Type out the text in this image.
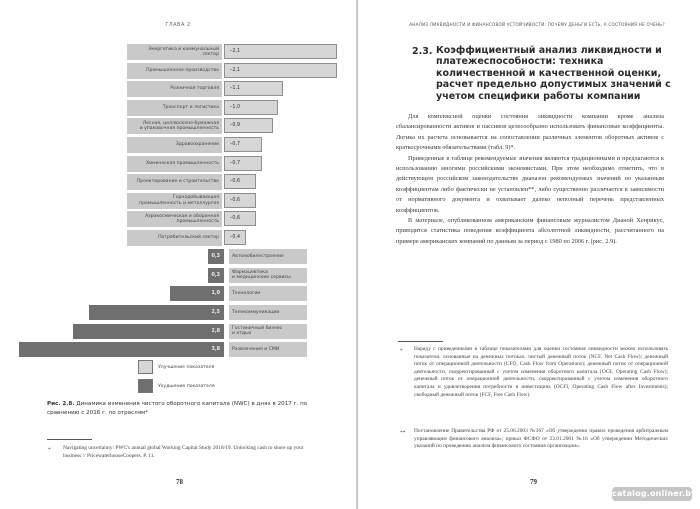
ГЛАВА 2	АНАЛИЗ ЛИКВИДНОСТИ И ФИНАНСОВОЙ УСТОЙЧИВОСТИ: ПОЧЕМУ ДЕНЬГИ ЕСТЬ, А СОСТОЯНИЯ НЕ ОЧЕНЬ?
Энергетика и коммунальный
сектор
–2,1
Промышленное производство –2,1
Розничная торговля –1,1
Транспорт и логистика –1,0
Лесная, целлюлозно-бумажная
и упаковочная промышленность
–0,9
Здравоохранение –0,7
Химическая промышленность –0,7
Проектирование и строительство –0,6
Горнодобывающая
промышленность и металлургия
–0,6
Аэрокосмическая и оборонная
промышленность
–0,6
Потребительский сектор –0,4
0,3	Автомобилестроение
0,3
Фармацевтика
и медицинские сервисы
1,0	Технологии
2,5	Телекоммуникации
2,8
Гостиничный бизнес
и отдых
3,8	Развлечения и СМИ
Улучшение показателя
Ухудшение показателя
Рис. 2.8. Динамика изменения чистого оборотного капитала (NWC) в днях в 2017 г. по сравнению с 2016 г. по отраслям*
* Navigating uncertainty: PWC's annual global Working Capital Study 2018/19. Unlocking cash to shore up your business // PricewaterhouseCoopers. P. 11.
78
2.3. Коэффициентный анализ ликвидности и платежеспособности: техника количественной и качественной оценки, расчет предельно допустимых значений с учетом специфики работы компании

Для комплексной оценки состояния ликвидности компании кроме анализа сбалансированности активов и пассивов целесообразно использовать финансовые коэффициенты. Логика их расчета основывается на сопоставлении различных элементов оборотных активов с краткосрочными обязательствами (табл. 9)*.

Приведенные в таблице рекомендуемые значения являются традиционными и предлагаются к использованию многими российскими экономистами. При этом необходимо отметить, что в действующем российском законодательстве диапазон рекомендуемых значений по указанным коэффициентам либо фактически не установлен**, либо существенно различается в зависимости от нормативного документа и охватывает далеко неполный перечень представленных коэффициентов.

В материале, опубликованном американским финансовым журналистом Дианой Хенрикус, приводится статистика поведения коэффициента абсолютной ликвидности, рассчитанного на примере американских компаний по данным за период с 1980 по 2006 г. (рис. 2.9).

* Наряду с приведенными в таблице показателями для оценки состояния ликвидности можно использовать показатели, основанные на денежных потоках: чистый денежный поток (NCF, Net Cash Flow); денежный поток от операционной деятельности (CFO, Cash Flow from Operations); денежный поток от операционной деятельности, скорректированный с учетом изменения оборотного капитала (OCF, Operating Cash Flow); денежный поток от операционной деятельности, скорректированный с учетом изменения оборотного капитала и удовлетворения потребности в инвестициях (OCFI, Operating Cash Flow after Investments); свободный денежный поток (FCF, Free Cash Flow).
** Постановление Правительства РФ от 25.06.2003 №367 «Об утверждении правил проведения арбитражным управляющим финансового анализа»; приказ ФСФО от 23.01.2001 №16 «Об утверждении Методических указаний по проведению анализа финансового состояния организации».
79
catalog.onliner.by
